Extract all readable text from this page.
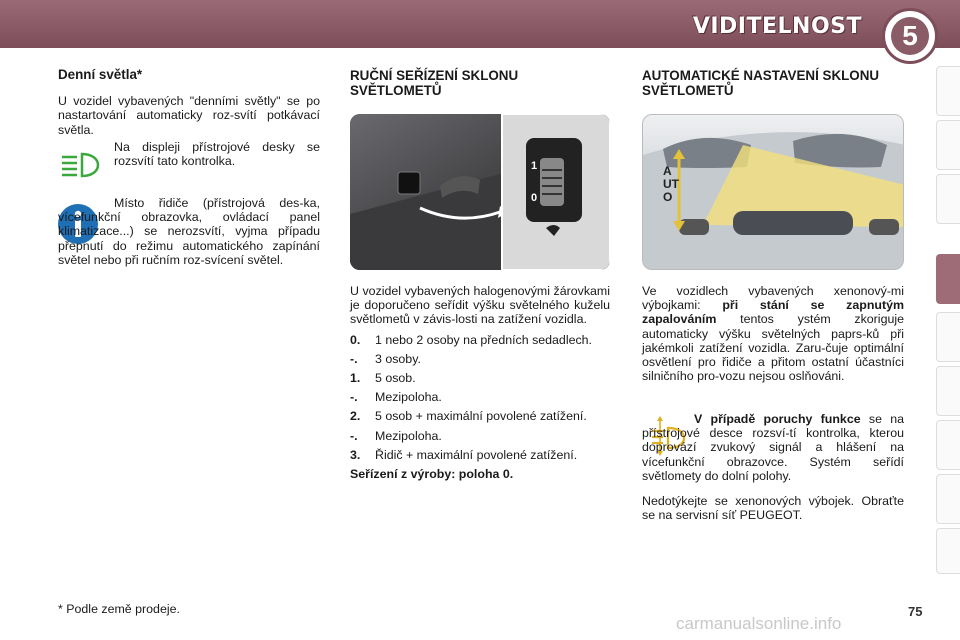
VIDITELNOST	5
Denní světla*

U vozidel vybavených "denními světly" se po nastartování automaticky roz-svítí potkávací světla.

Na displeji přístrojové desky se rozsvítí tato kontrolka.
Místo řidiče (přístrojová des-ka, vícefunkční obrazovka, ovládací panel klimatizace...) se nerozsvítí, vyjma případu přepnutí do režimu automatického zapínání světel nebo při ručním roz-svícení světel.
RUČNÍ SEŘÍZENÍ SKLONU SVĚTLOMETŮ
1
0

U vozidel vybavených halogenovými žárovkami je doporučeno seřídit výšku světelného kuželu světlometů v závis-losti na zatížení vozidla.

0.	1 nebo 2 osoby na předních sedadlech.
-.	3 osoby.
1.	5 osob.
-.	Mezipoloha.
2.	5 osob + maximální povolené zatížení.
-.	Mezipoloha.
3.	Řidič + maximální povolené zatížení.

Seřízení z výroby: poloha 0.

AUTOMATICKÉ NASTAVENÍ SKLONU SVĚTLOMETŮ
AUTO
Ve vozidlech vybavených xenonový-mi výbojkami: při stání se zapnutým zapalováním tentos ystém zkoriguje automaticky výšku světelných paprs-ků při jakémkoli zatížení vozidla. Zaru-čuje optimální osvětlení pro řidiče a přitom ostatní účastníci silničního pro-vozu nejsou oslňováni.
V případě poruchy funkce se na přístrojové desce rozsví-tí kontrolka, kterou doprovází zvukový signál a hlášení na vícefunkční obrazovce. Systém seřídí světlomety do dolní polohy.
Nedotýkejte se xenonových výbojek. Obraťte se na servisní síť PEUGEOT.
* Podle země prodeje.
carmanualsonline.info
75
